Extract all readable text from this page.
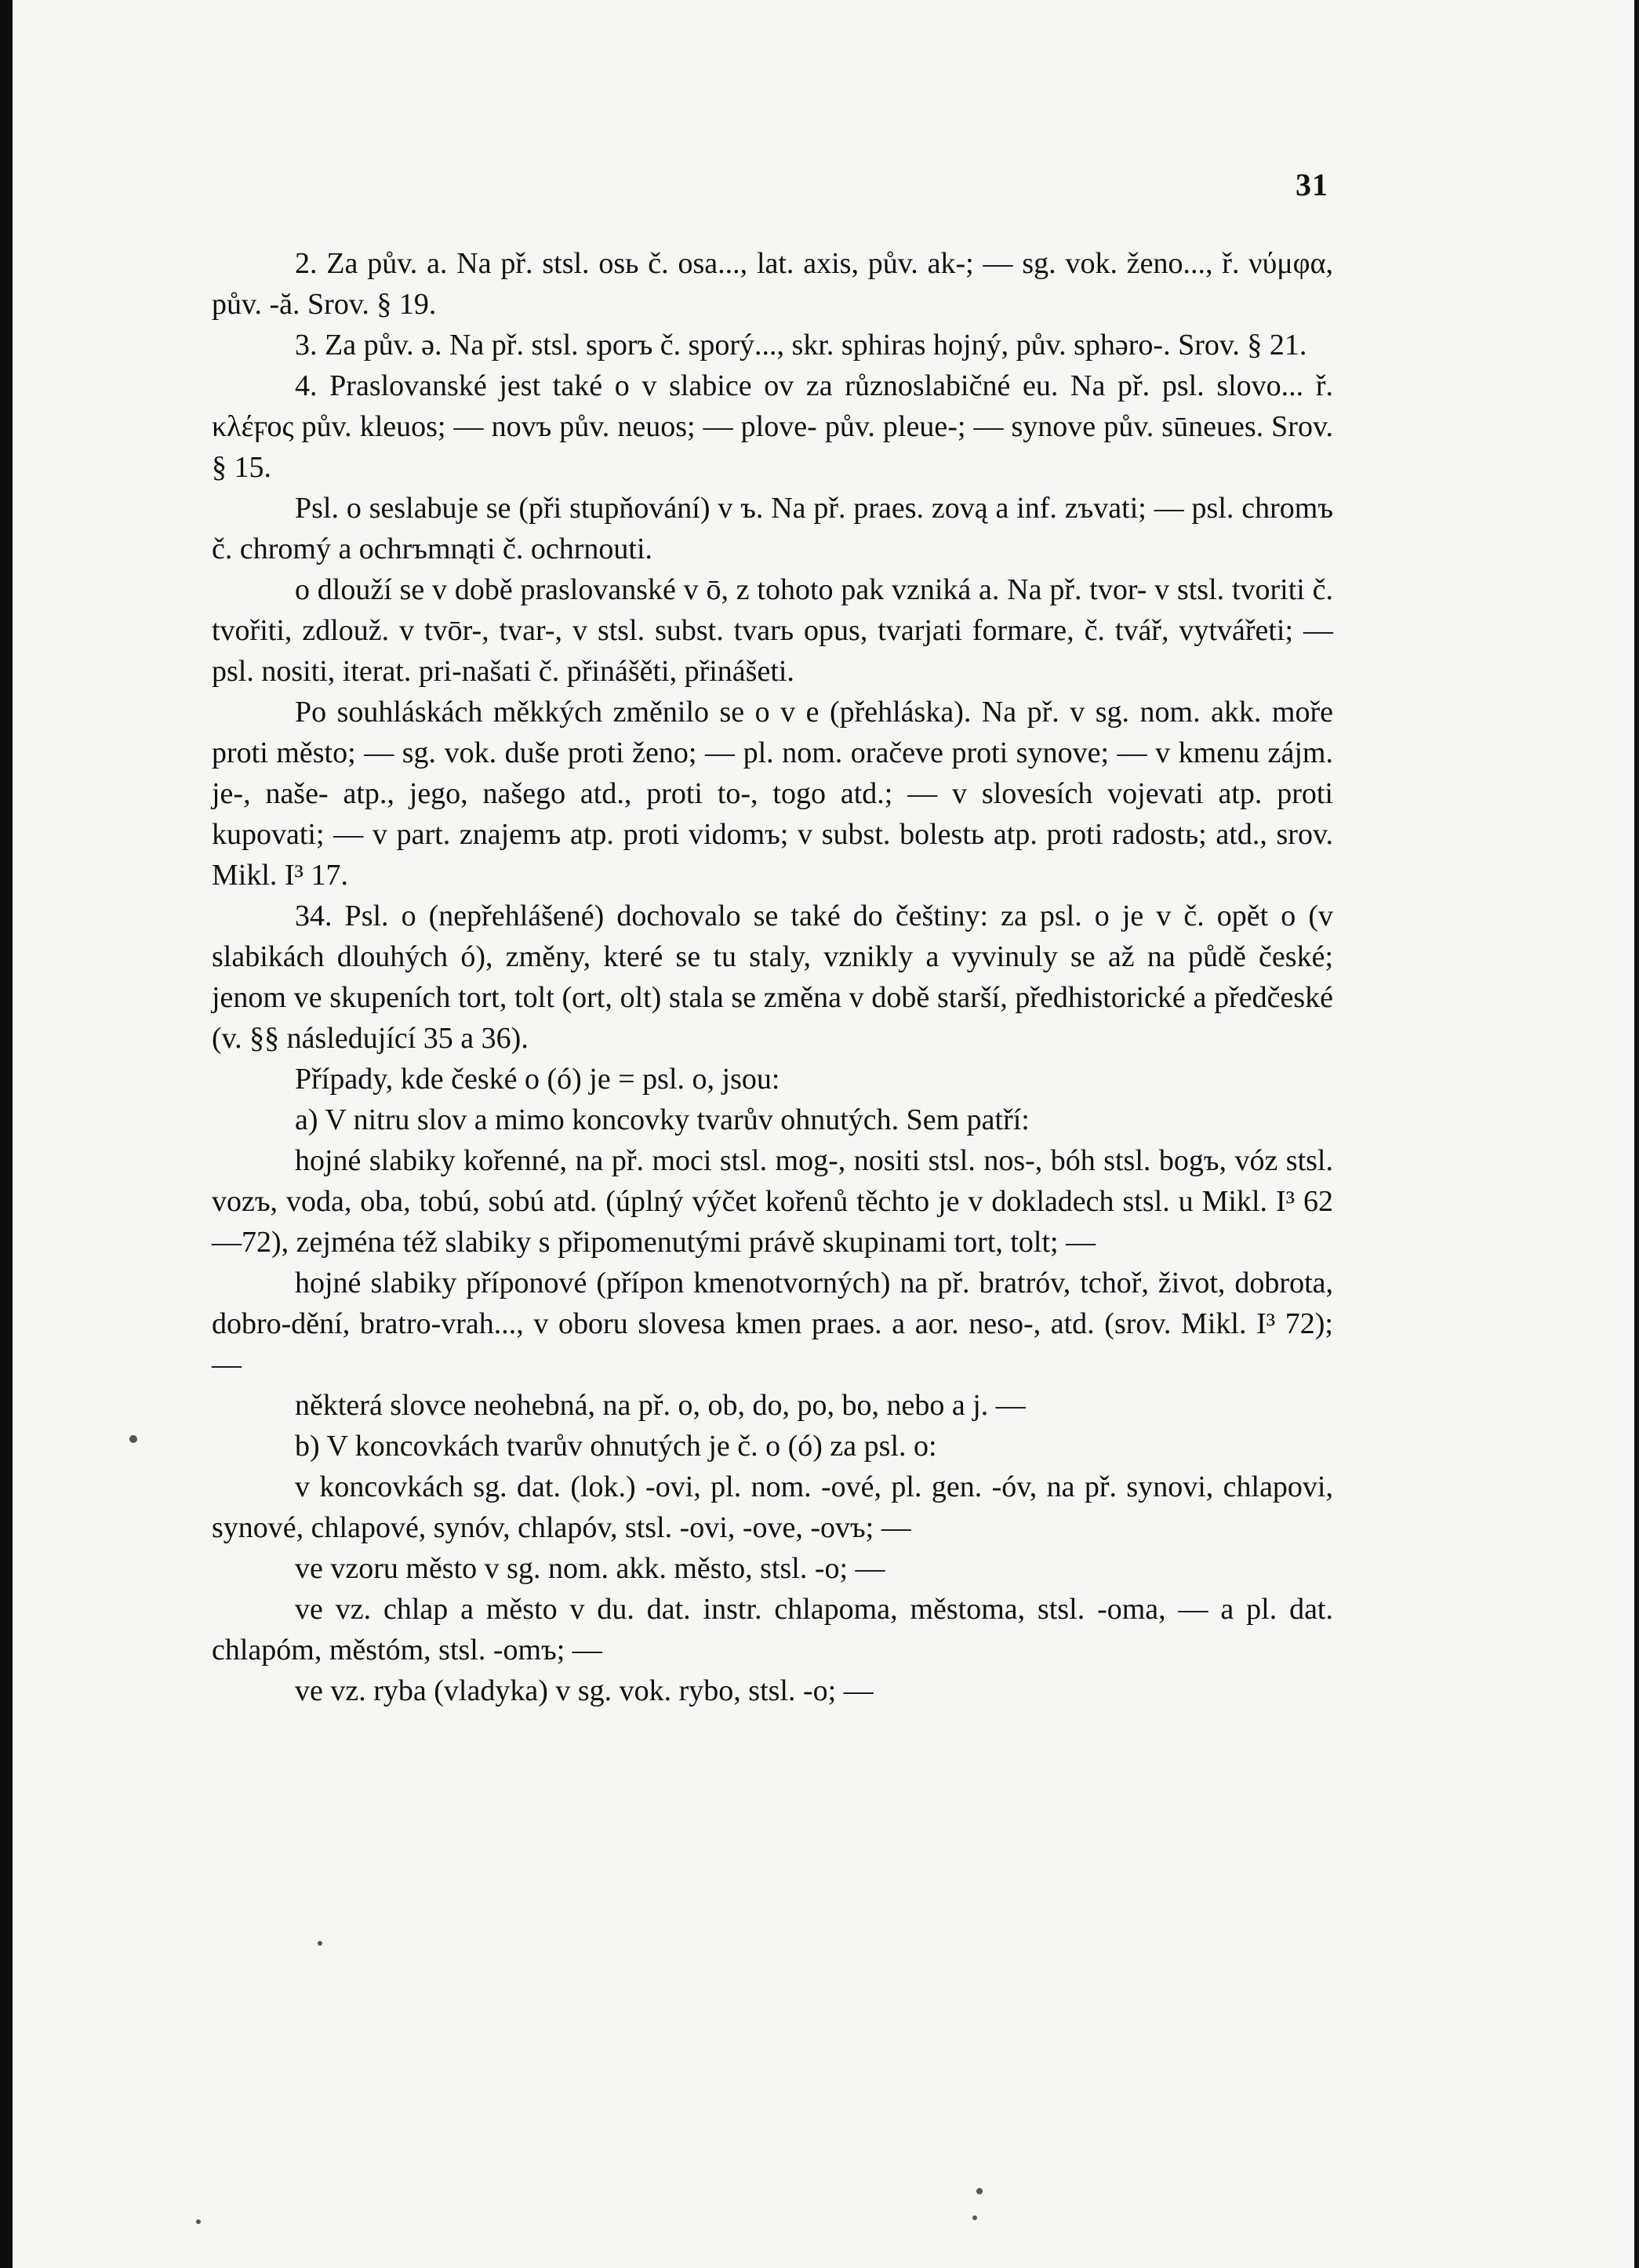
31

2. Za pův. a. Na př. stsl. osь č. osa..., lat. axis, pův. ak-; — sg. vok. ženo..., ř. νύμφα, pův. -ă. Srov. § 19.

3. Za pův. ə. Na př. stsl. sporъ č. sporý..., skr. sphiras hojný, pův. sphəro-. Srov. § 21.

4. Praslovanské jest také o v slabice ov za různoslabičné eu. Na př. psl. slovo... ř. κλέϝος pův. kleuos; — novъ pův. neuos; — plove- pův. pleue-; — synove pův. sūneues. Srov. § 15.

Psl. o seslabuje se (při stupňování) v ъ. Na př. praes. zovą a inf. zъvati; — psl. chromъ č. chromý a ochrъmnąti č. ochrnouti.

o dlouží se v době praslovanské v ō, z tohoto pak vzniká a. Na př. tvor- v stsl. tvoriti č. tvořiti, zdlouž. v tvōr-, tvar-, v stsl. subst. tvarь opus, tvarjati formare, č. tvář, vytvářeti; — psl. nositi, iterat. pri-našati č. přinášěti, přinášeti.

Po souhláskách měkkých změnilo se o v e (přehláska). Na př. v sg. nom. akk. moře proti město; — sg. vok. duše proti ženo; — pl. nom. oračeve proti synove; — v kmenu zájm. je-, naše- atp., jego, našego atd., proti to-, togo atd.; — v slovesích vojevati atp. proti kupovati; — v part. znajemъ atp. proti vidomъ; v subst. bolestь atp. proti radostь; atd., srov. Mikl. I³ 17.

34. Psl. o (nepřehlášené) dochovalo se také do češtiny: za psl. o je v č. opět o (v slabikách dlouhých ó), změny, které se tu staly, vznikly a vyvinuly se až na půdě české; jenom ve skupeních tort, tolt (ort, olt) stala se změna v době starší, předhistorické a předčeské (v. §§ následující 35 a 36).

Případy, kde české o (ó) je = psl. o, jsou:

a) V nitru slov a mimo koncovky tvarův ohnutých. Sem patří:

hojné slabiky kořenné, na př. moci stsl. mog-, nositi stsl. nos-, bóh stsl. bogъ, vóz stsl. vozъ, voda, oba, tobú, sobú atd. (úplný výčet kořenů těchto je v dokladech stsl. u Mikl. I³ 62—72), zejména též slabiky s připomenutými právě skupinami tort, tolt; —

hojné slabiky příponové (přípon kmenotvorných) na př. bratróv, tchoř, život, dobrota, dobro-dění, bratro-vrah..., v oboru slovesa kmen praes. a aor. neso-, atd. (srov. Mikl. I³ 72); —

některá slovce neohebná, na př. o, ob, do, po, bo, nebo a j. —

b) V koncovkách tvarův ohnutých je č. o (ó) za psl. o:

v koncovkách sg. dat. (lok.) -ovi, pl. nom. -ové, pl. gen. -óv, na př. synovi, chlapovi, synové, chlapové, synóv, chlapóv, stsl. -ovi, -ove, -ovъ; —

ve vzoru město v sg. nom. akk. město, stsl. -o; —

ve vz. chlap a město v du. dat. instr. chlapoma, městoma, stsl. -oma, — a pl. dat. chlapóm, městóm, stsl. -omъ; —

ve vz. ryba (vladyka) v sg. vok. rybo, stsl. -o; —
